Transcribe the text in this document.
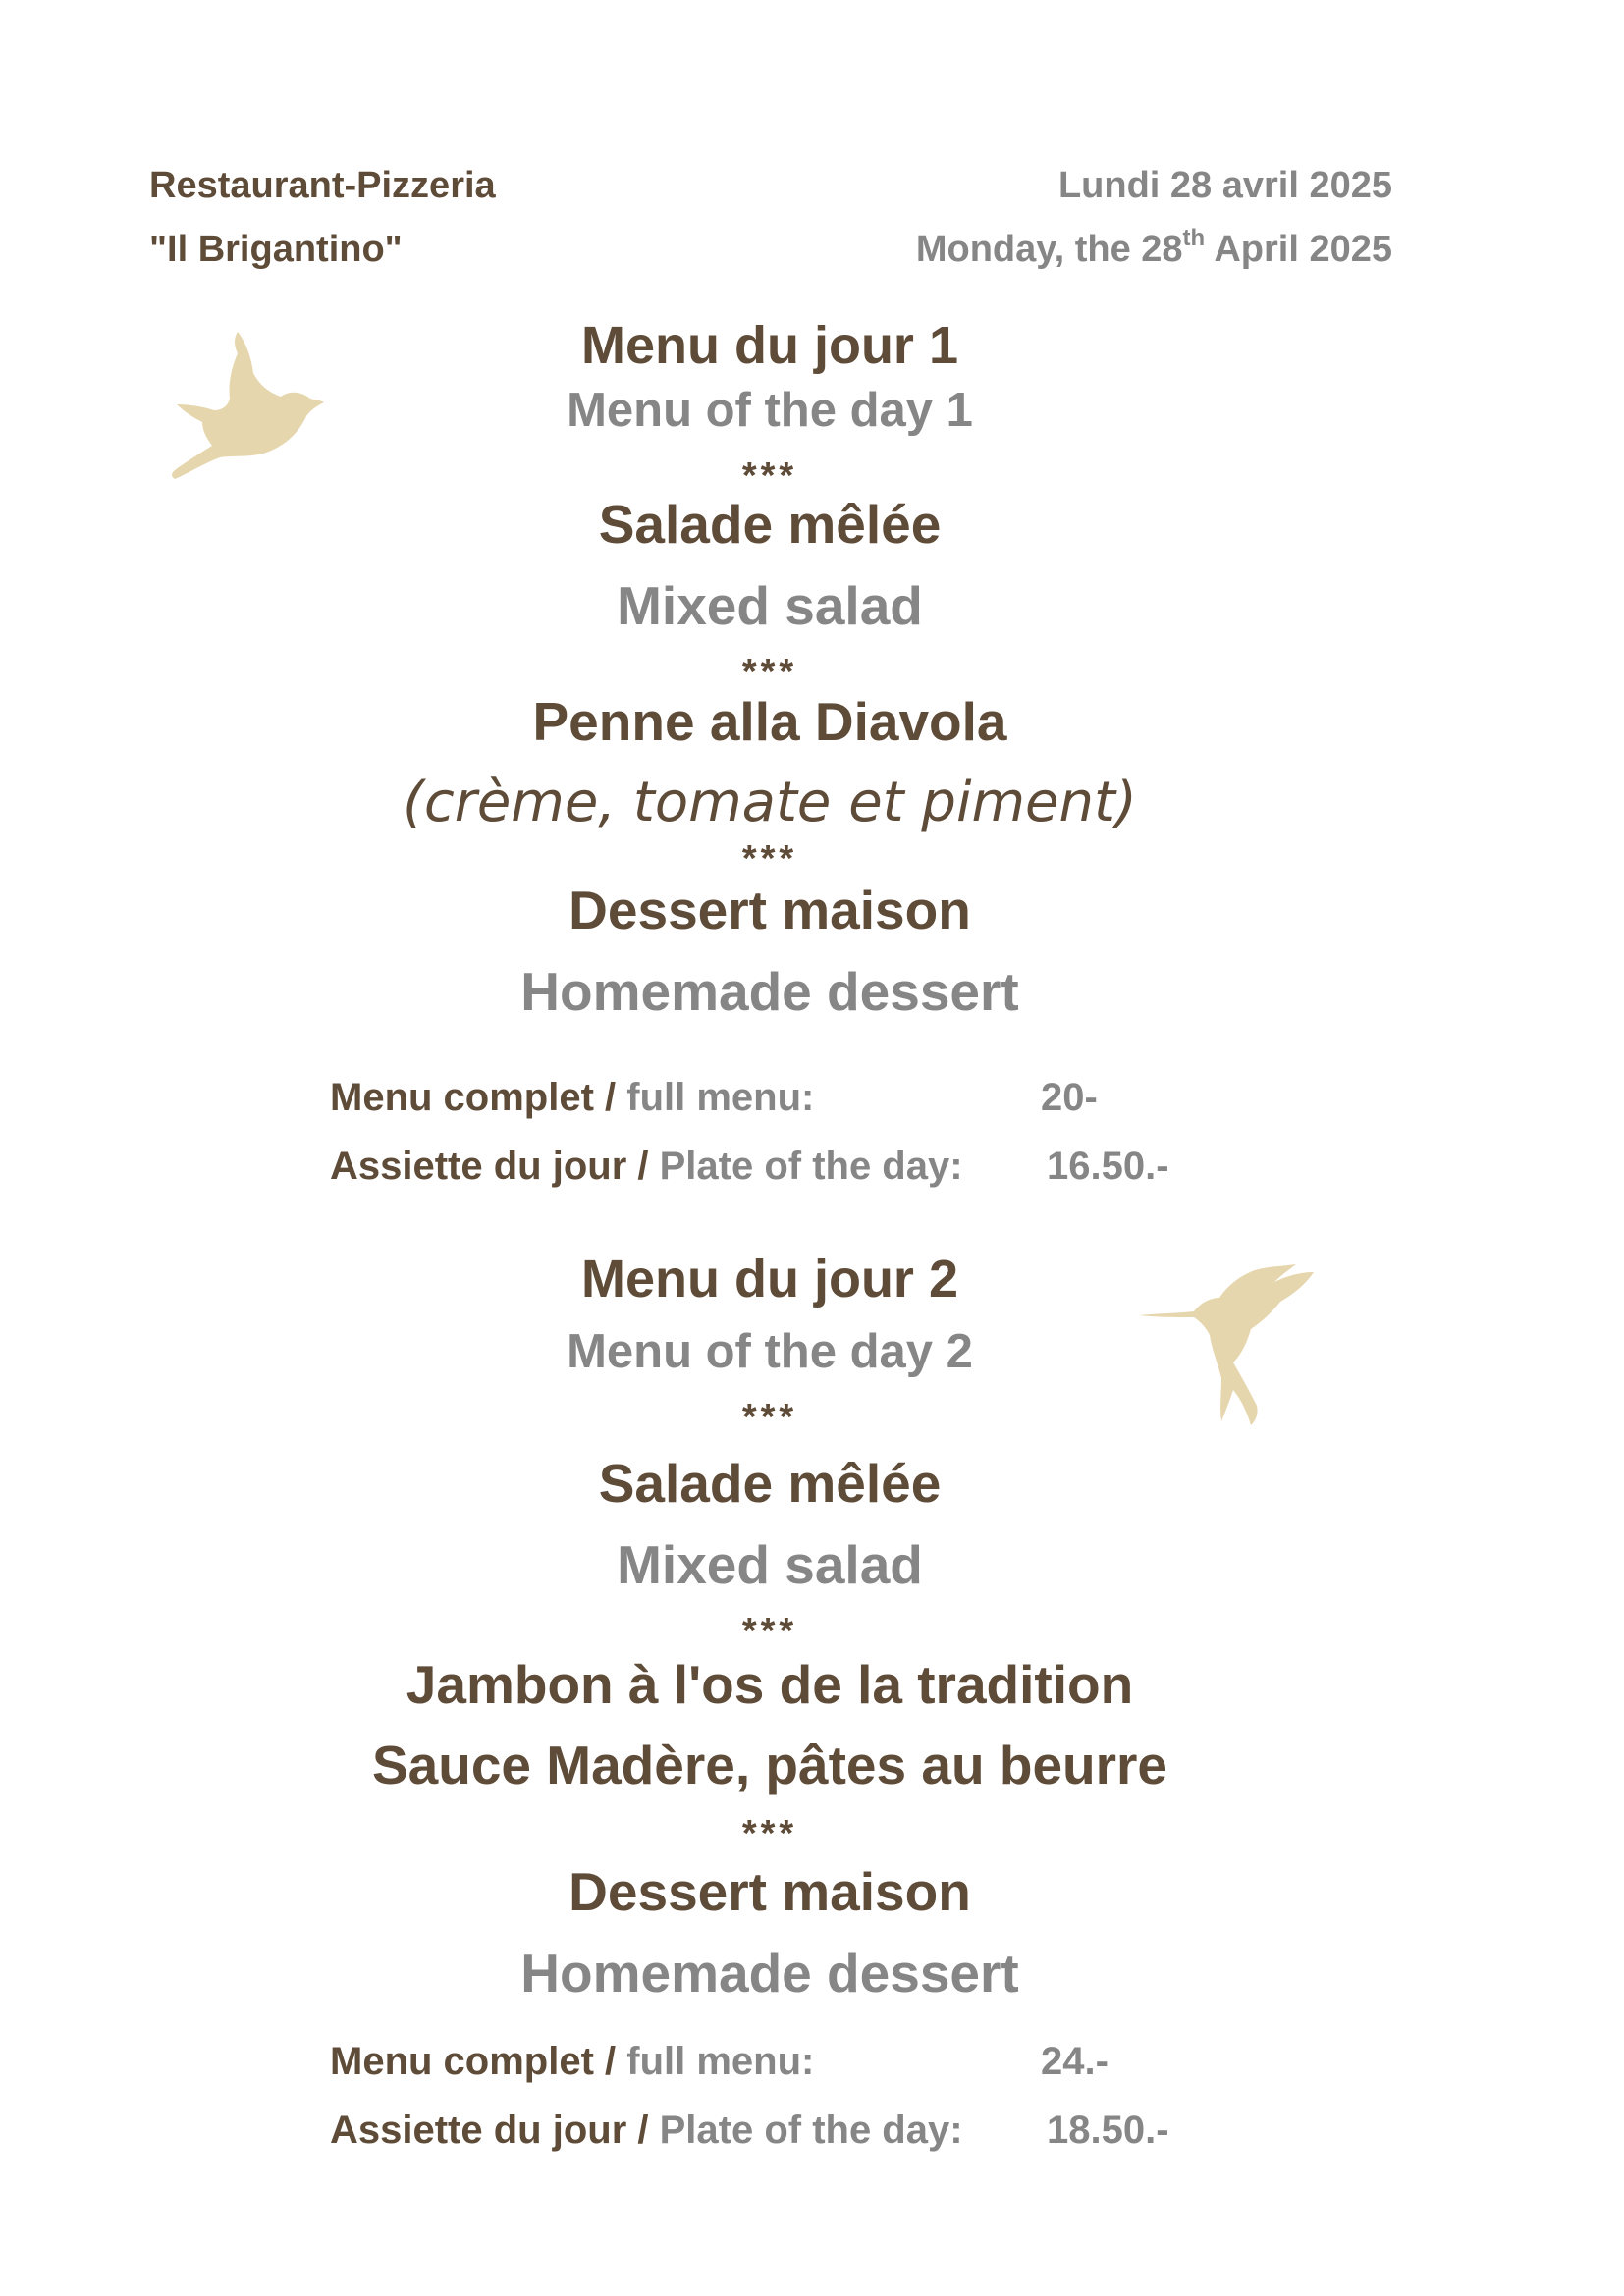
Restaurant-Pizzeria
"Il Brigantino"
Lundi 28 avril 2025
Monday, the 28th April 2025
Menu du jour 1
Menu of the day 1
***
Salade mêlée
Mixed salad
***
Penne alla Diavola
(crème, tomate et piment)
***
Dessert maison
Homemade dessert
Menu complet / full menu:	20-
Assiette du jour / Plate of the day: 16.50.-
Menu du jour 2
Menu of the day 2
***
Salade mêlée
Mixed salad
***
Jambon à l'os de la tradition
Sauce Madère, pâtes au beurre
***
Dessert maison
Homemade dessert
Menu complet / full menu:	24.-
Assiette du jour / Plate of the day: 18.50.-
